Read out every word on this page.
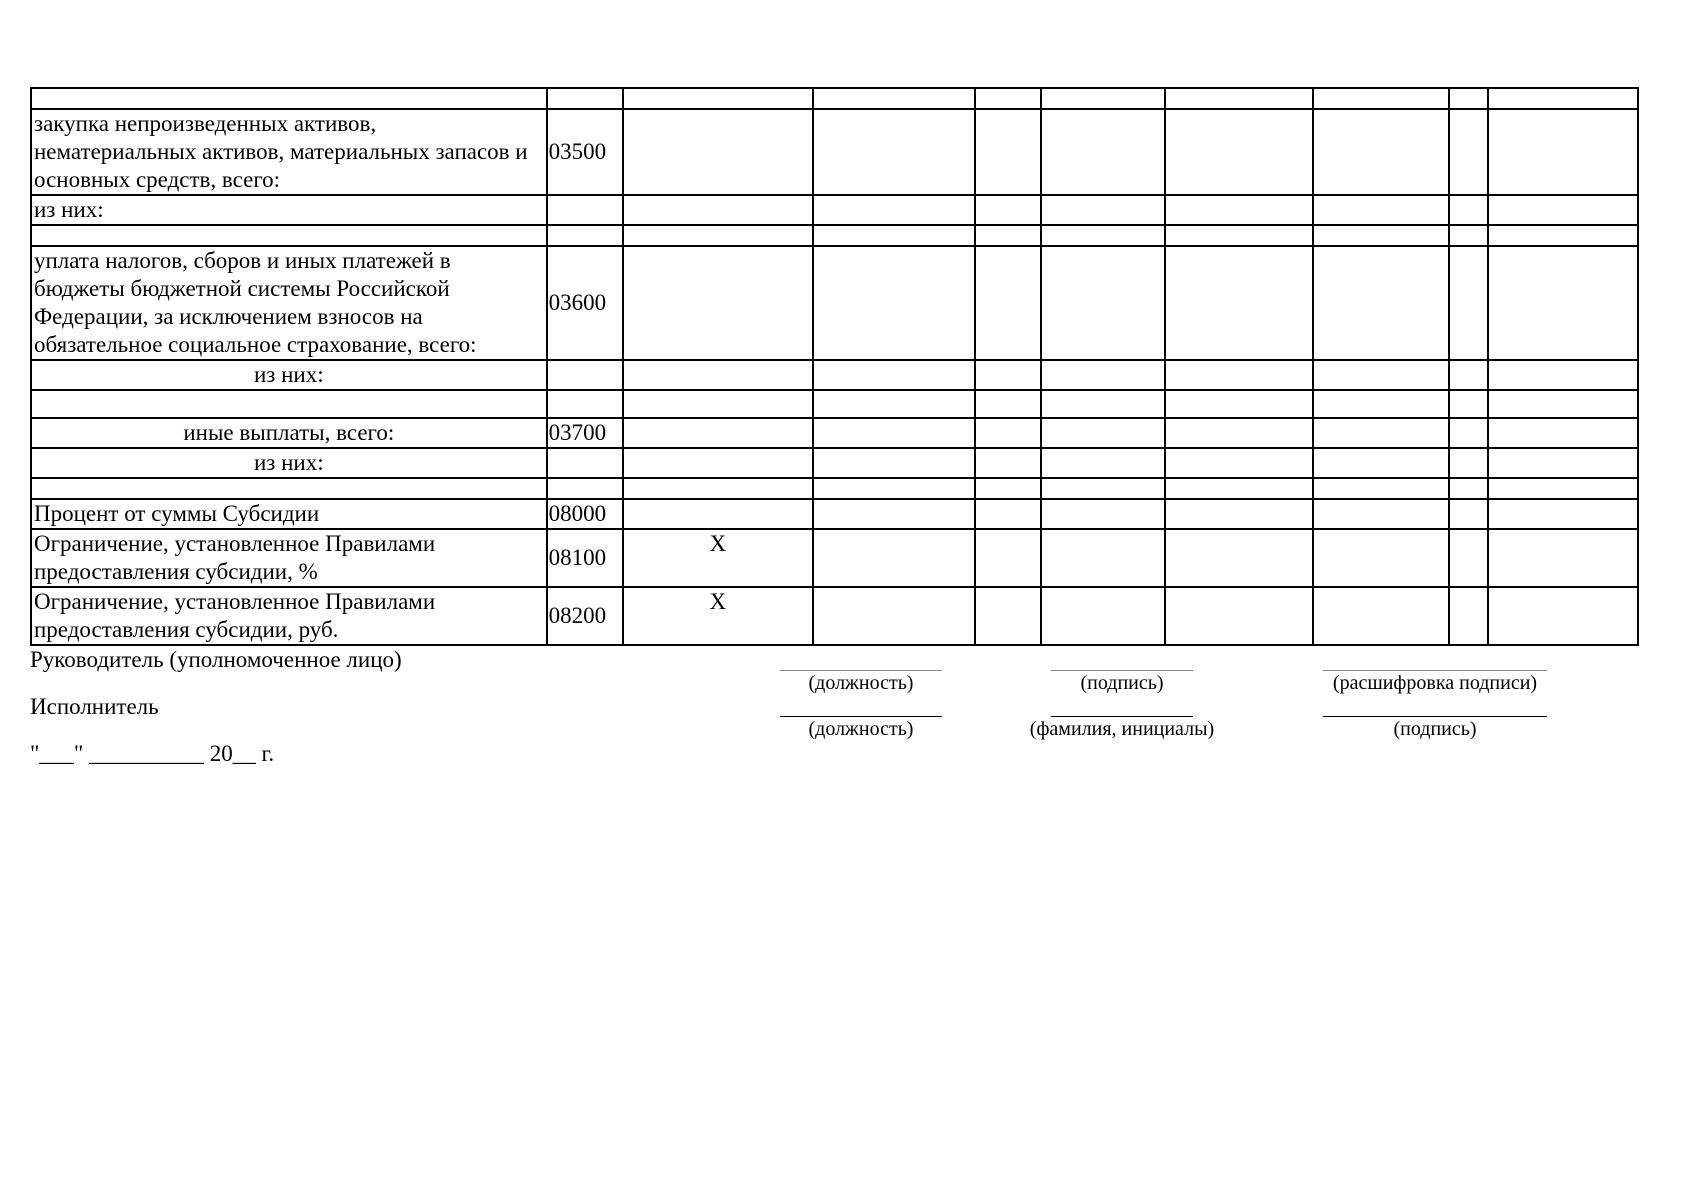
закупка непроизведенных активов, нематериальных активов, материальных запасов и основных средств, всего:	03500								
из них:									

уплата налогов, сборов и иных платежей в бюджеты бюджетной системы Российской Федерации, за исключением взносов на обязательное социальное страхование, всего:	03600								
из них:									

иные выплаты, всего:	03700								
из них:									

Процент от суммы Субсидии	08000								
Ограничение, установленное Правилами предоставления субсидии, %	08100	X							
Ограничение, установленное Правилами предоставления субсидии, руб.	08200	X							
Руководитель (уполномоченное лицо)
(должность)	(подпись)	(расшифровка подписи)
Исполнитель
(должность)	(фамилия, инициалы)	(подпись)
"___" __________ 20__ г.
